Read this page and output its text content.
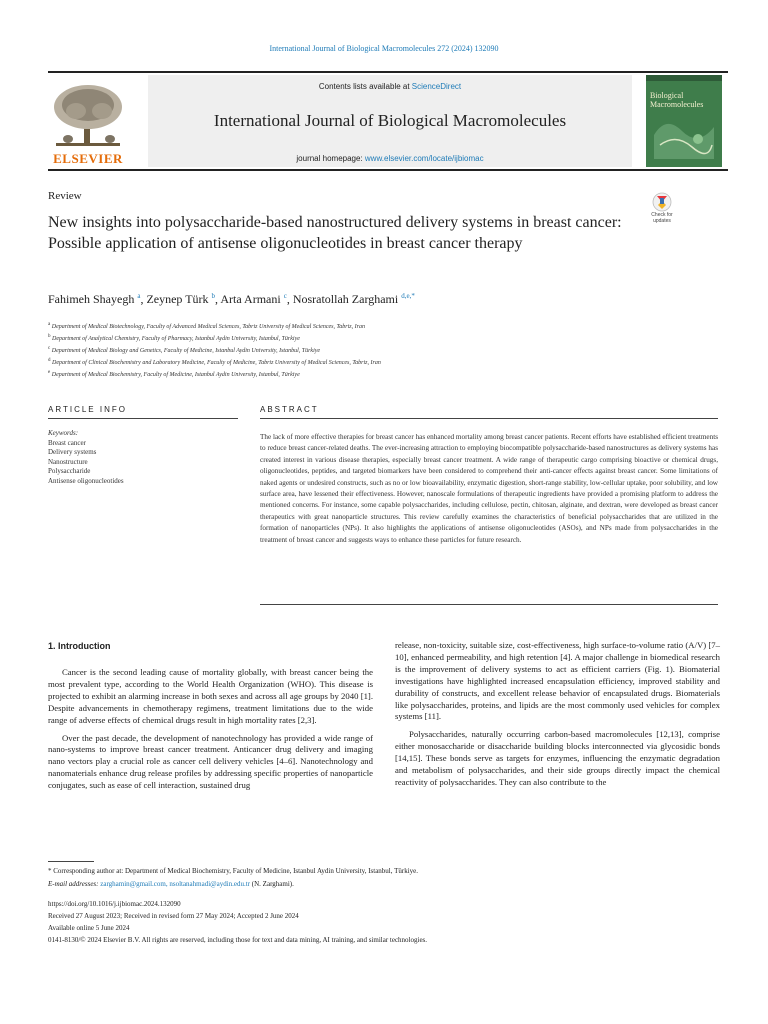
International Journal of Biological Macromolecules 272 (2024) 132090
ELSEVIER
Contents lists available at ScienceDirect
International Journal of Biological Macromolecules
journal homepage: www.elsevier.com/locate/ijbiomac
Biological Macromolecules
Review
New insights into polysaccharide-based nanostructured delivery systems in breast cancer: Possible application of antisense oligonucleotides in breast cancer therapy
Check for updates
Fahimeh Shayegh $^a$, Zeynep Türk $^b$, Arta Armani $^c$, Nosratollah Zarghami $^{d,e,*}$
$^a$ Department of Medical Biotechnology, Faculty of Advanced Medical Sciences, Tabriz University of Medical Sciences, Tabriz, Iran
$^b$ Department of Analytical Chemistry, Faculty of Pharmacy, Istanbul Aydin University, Istanbul, Türkiye
$^c$ Department of Medical Biology and Genetics, Faculty of Medicine, Istanbul Aydin University, Istanbul, Türkiye
$^d$ Department of Clinical Biochemistry and Laboratory Medicine, Faculty of Medicine, Tabriz University of Medical Sciences, Tabriz, Iran
$^e$ Department of Medical Biochemistry, Faculty of Medicine, Istanbul Aydin University, Istanbul, Türkiye
ARTICLE INFO
Keywords:
Breast cancer
Delivery systems
Nanostructure
Polysaccharide
Antisense oligonucleotides
ABSTRACT
The lack of more effective therapies for breast cancer has enhanced mortality among breast cancer patients. Recent efforts have established efficient treatments to reduce breast cancer-related deaths. The ever-increasing attraction to employing biocompatible polysaccharide-based nanostructures as delivery systems has created interest in various disease therapies, especially breast cancer treatment. A wide range of therapeutic cargo comprising bioactive or chemical drugs, oligonucleotides, peptides, and targeted biomarkers have been considered to comprehend their anti-cancer effects against breast cancer. Some limitations of naked agents or undesired constructs, such as no or low bioavailability, enzymatic digestion, short-range stability, low-cellular uptake, poor solubility, and low surface area, have lessened their effectiveness. However, nanoscale formulations of therapeutic ingredients have provided a promising platform to address the mentioned concerns. For instance, some capable polysaccharides, including cellulose, pectin, chitosan, alginate, and dextran, were developed as breast cancer therapeutics with great nanoparticle structures. This review carefully examines the characteristics of beneficial polysaccharides that are utilized in the formation of nanoparticles (NPs). It also highlights the applications of antisense oligonucleotides (ASOs), and NPs made from polysaccharides in the treatment of breast cancer and suggests ways to enhance these particles for future research.
1. Introduction

Cancer is the second leading cause of mortality globally, with breast cancer being the most prevalent type, according to the World Health Organization (WHO). This disease is projected to exhibit an alarming increase in both sexes and across all age groups by 2040 [1]. Despite advancements in chemotherapy regimens, treatment limitations due to the wide range of adverse effects of chemical drugs result in high mortality rates [2,3].

Over the past decade, the development of nanotechnology has provided a wide range of nano-systems to improve breast cancer treatment. Anticancer drug delivery and imaging nano vectors play a crucial role as cancer cell delivery vehicles [4–6]. Nanotechnology and nanomaterials enhance drug release profiles by addressing specific properties of nanoparticle conjugates, such as ease of cell interaction, sustained drug

release, non-toxicity, suitable size, cost-effectiveness, high surface-to-volume ratio (A/V) [7–10], enhanced permeability, and high retention [4]. A major challenge in biomedical research is the improvement of delivery systems to act as efficient carriers (Fig. 1). Biomaterial investigations have highlighted increased encapsulation efficiency, improved stability and durability of constructs, and excellent release behavior of encapsulated drugs. Biomaterials like polysaccharides, proteins, and lipids are the most commonly used vehicles for complex systems [11].

Polysaccharides, naturally occurring carbon-based macromolecules [12,13], comprise either monosaccharide or disaccharide building blocks interconnected via glycosidic bonds [14,15]. These bonds serve as targets for enzymes, influencing the enzymatic degradation and metabolism of polysaccharides, and their side groups directly impact the chemical reactivity of polysaccharides. They can also contribute to the

* Corresponding author at: Department of Medical Biochemistry, Faculty of Medicine, Istanbul Aydin University, Istanbul, Türkiye.
E-mail addresses: zarghamin@gmail.com, nsoltanahmadi@aydin.edu.tr (N. Zarghami).
https://doi.org/10.1016/j.ijbiomac.2024.132090
Received 27 August 2023; Received in revised form 27 May 2024; Accepted 2 June 2024
Available online 5 June 2024
0141-8130/© 2024 Elsevier B.V. All rights are reserved, including those for text and data mining, AI training, and similar technologies.
